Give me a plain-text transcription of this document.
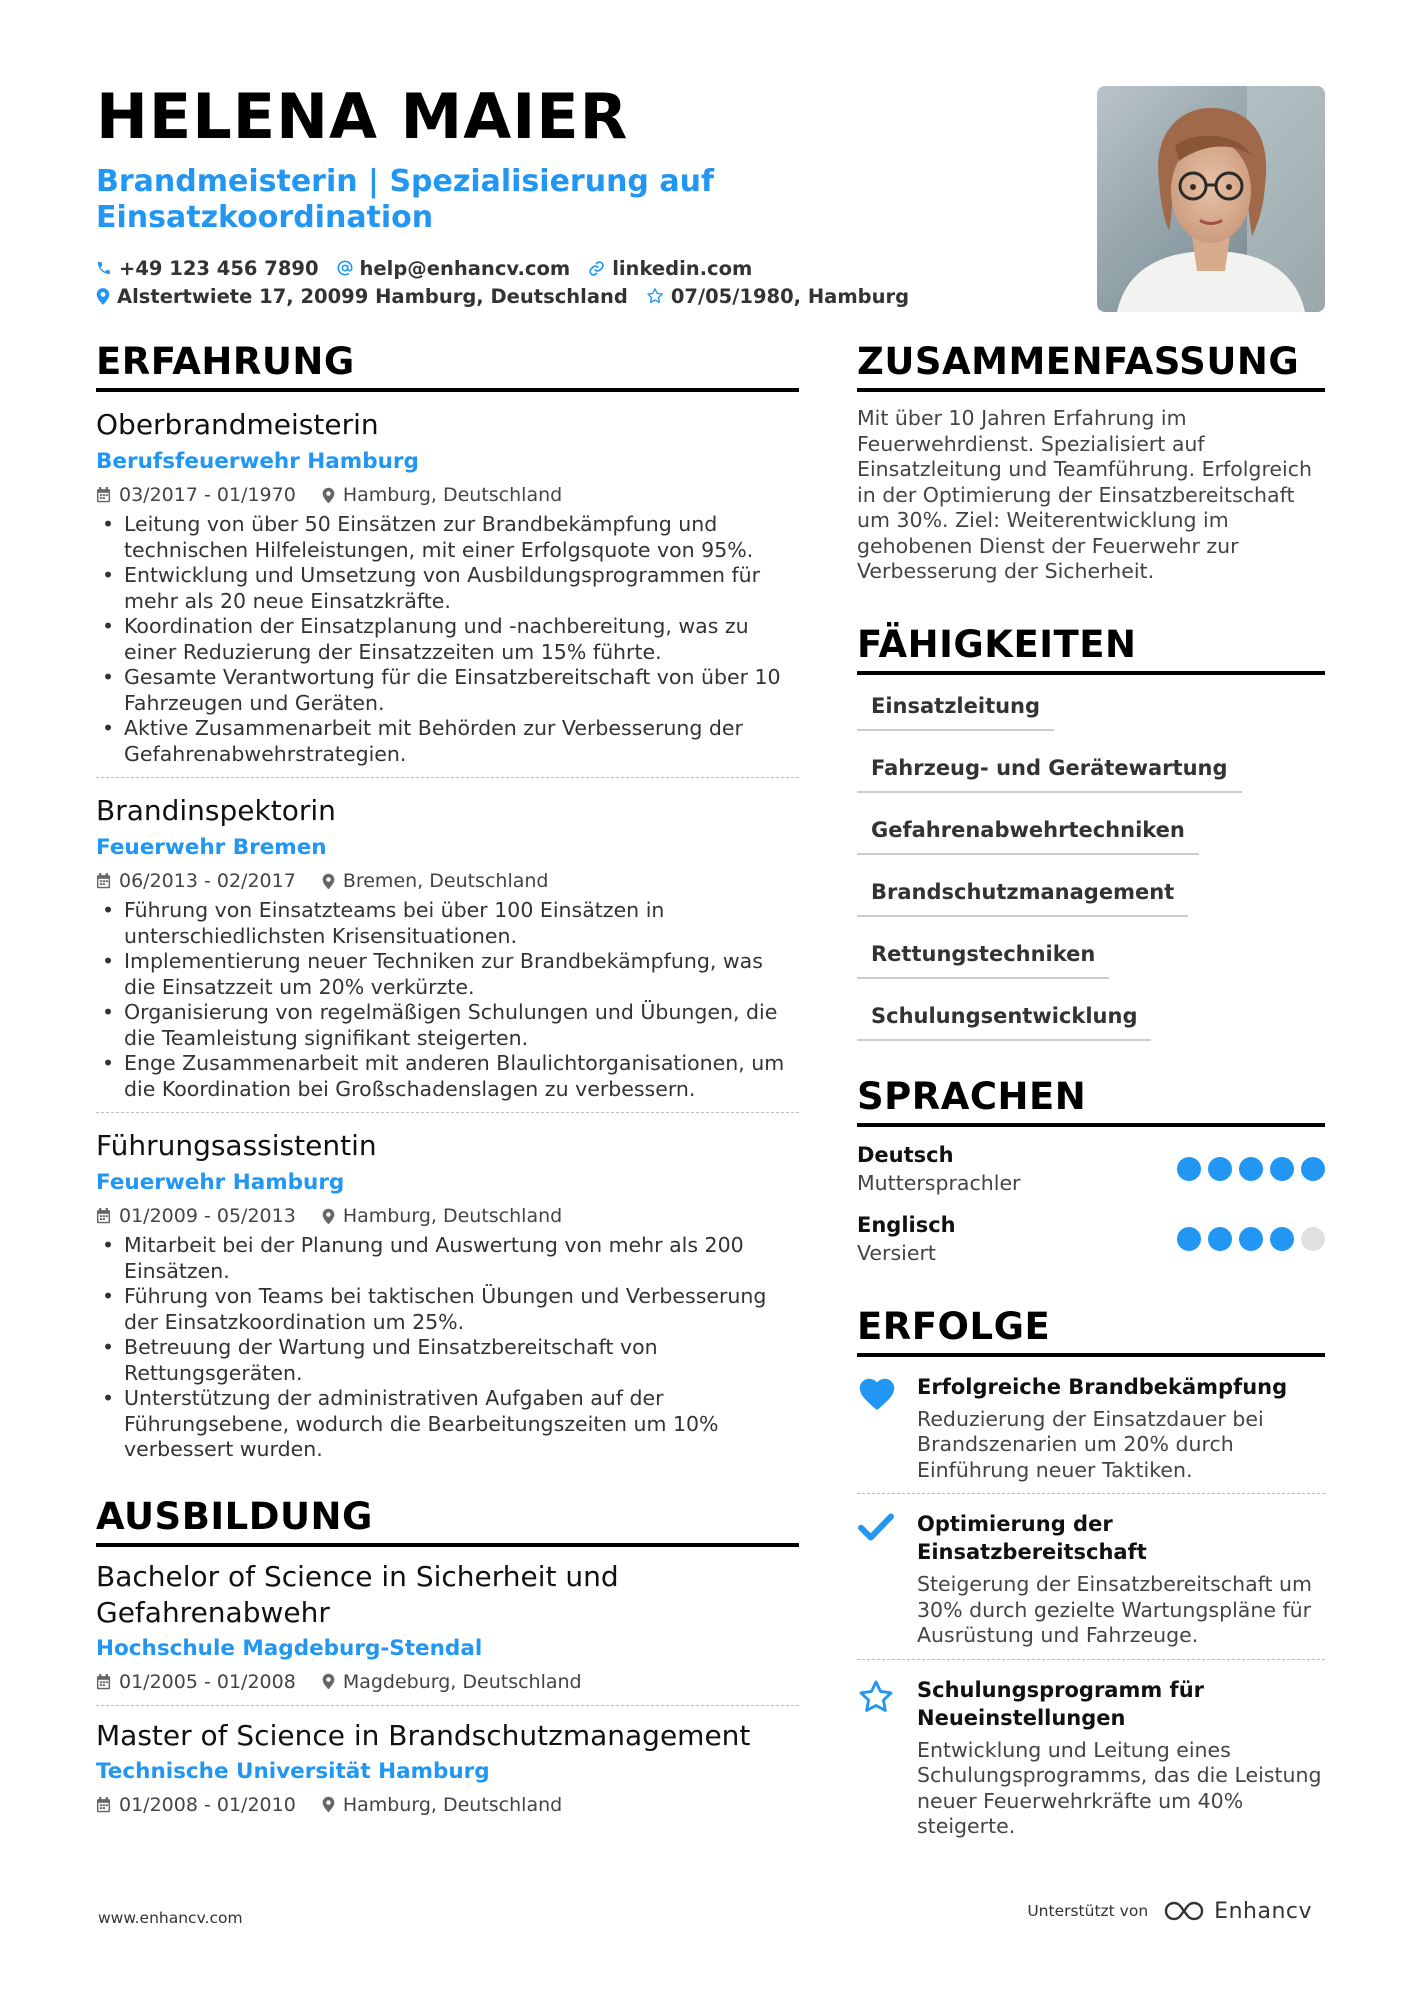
HELENA MAIER
Brandmeisterin | Spezialisierung auf Einsatzkoordination
+49 123 456 7890 help@enhancv.com linkedin.com
Alstertwiete 17, 20099 Hamburg, Deutschland 07/05/1980, Hamburg
ERFAHRUNG
Oberbrandmeisterin
Berufsfeuerwehr Hamburg
03/2017 - 01/1970 Hamburg, Deutschland
• Leitung von über 50 Einsätzen zur Brandbekämpfung und technischen Hilfeleistungen, mit einer Erfolgsquote von 95%.
• Entwicklung und Umsetzung von Ausbildungsprogrammen für mehr als 20 neue Einsatzkräfte.
• Koordination der Einsatzplanung und -nachbereitung, was zu einer Reduzierung der Einsatzzeiten um 15% führte.
• Gesamte Verantwortung für die Einsatzbereitschaft von über 10 Fahrzeugen und Geräten.
• Aktive Zusammenarbeit mit Behörden zur Verbesserung der Gefahrenabwehrstrategien.
Brandinspektorin
Feuerwehr Bremen
06/2013 - 02/2017 Bremen, Deutschland
• Führung von Einsatzteams bei über 100 Einsätzen in unterschiedlichsten Krisensituationen.
• Implementierung neuer Techniken zur Brandbekämpfung, was die Einsatzzeit um 20% verkürzte.
• Organisierung von regelmäßigen Schulungen und Übungen, die die Teamleistung signifikant steigerten.
• Enge Zusammenarbeit mit anderen Blaulichtorganisationen, um die Koordination bei Großschadenslagen zu verbessern.
Führungsassistentin
Feuerwehr Hamburg
01/2009 - 05/2013 Hamburg, Deutschland
• Mitarbeit bei der Planung und Auswertung von mehr als 200 Einsätzen.
• Führung von Teams bei taktischen Übungen und Verbesserung der Einsatzkoordination um 25%.
• Betreuung der Wartung und Einsatzbereitschaft von Rettungsgeräten.
• Unterstützung der administrativen Aufgaben auf der Führungsebene, wodurch die Bearbeitungszeiten um 10% verbessert wurden.
AUSBILDUNG
Bachelor of Science in Sicherheit und Gefahrenabwehr
Hochschule Magdeburg-Stendal
01/2005 - 01/2008 Magdeburg, Deutschland
Master of Science in Brandschutzmanagement
Technische Universität Hamburg
01/2008 - 01/2010 Hamburg, Deutschland
ZUSAMMENFASSUNG
Mit über 10 Jahren Erfahrung im Feuerwehrdienst. Spezialisiert auf Einsatzleitung und Teamführung. Erfolgreich in der Optimierung der Einsatzbereitschaft um 30%. Ziel: Weiterentwicklung im gehobenen Dienst der Feuerwehr zur Verbesserung der Sicherheit.
FÄHIGKEITEN
Einsatzleitung
Fahrzeug- und Gerätewartung
Gefahrenabwehrtechniken
Brandschutzmanagement
Rettungstechniken
Schulungsentwicklung
SPRACHEN
Deutsch
Muttersprachler
Englisch
Versiert
ERFOLGE
Erfolgreiche Brandbekämpfung
Reduzierung der Einsatzdauer bei Brandszenarien um 20% durch Einführung neuer Taktiken.
Optimierung der Einsatzbereitschaft
Steigerung der Einsatzbereitschaft um 30% durch gezielte Wartungspläne für Ausrüstung und Fahrzeuge.
Schulungsprogramm für Neueinstellungen
Entwicklung und Leitung eines Schulungsprogramms, das die Leistung neuer Feuerwehrkräfte um 40% steigerte.
www.enhancv.com	Unterstützt von	Enhancv
